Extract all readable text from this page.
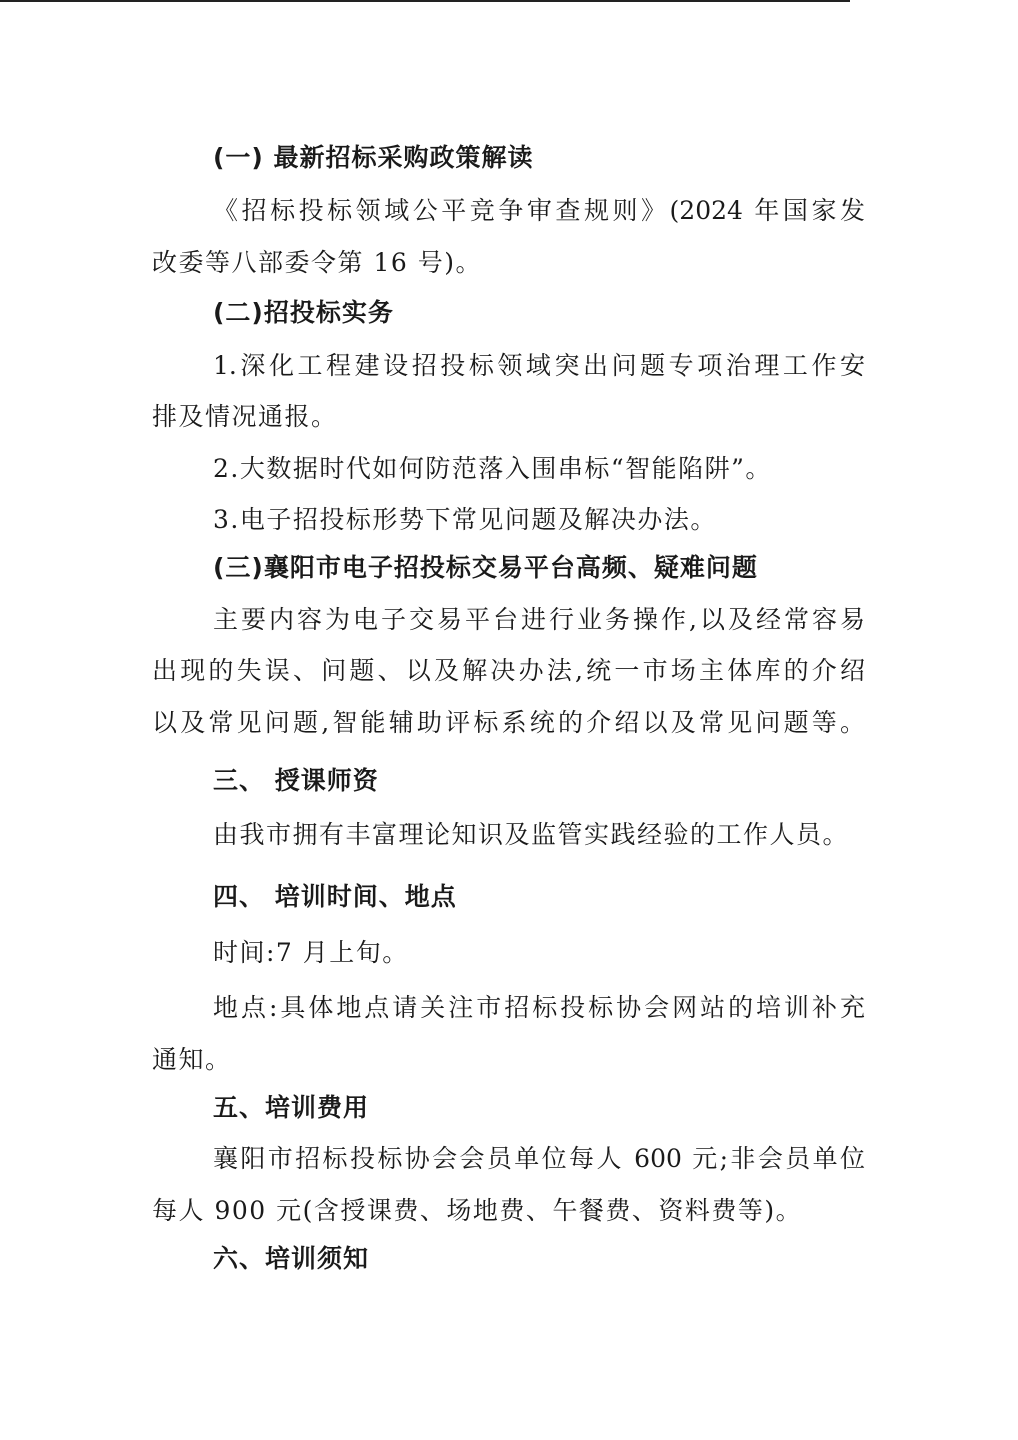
(一) 最新招标采购政策解读
《招标投标领域公平竞争审查规则》(2024 年国家发
改委等八部委令第 16 号)。
(二)招投标实务
1.深化工程建设招投标领域突出问题专项治理工作安
排及情况通报。
2.大数据时代如何防范落入围串标“智能陷阱”。
3.电子招投标形势下常见问题及解决办法。
(三)襄阳市电子招投标交易平台高频、疑难问题
主要内容为电子交易平台进行业务操作,以及经常容易
出现的失误、问题、以及解决办法,统一市场主体库的介绍
以及常见问题,智能辅助评标系统的介绍以及常见问题等。
三、 授课师资
由我市拥有丰富理论知识及监管实践经验的工作人员。
四、 培训时间、地点
时间:7 月上旬。
地点:具体地点请关注市招标投标协会网站的培训补充
通知。
五、培训费用
襄阳市招标投标协会会员单位每人 600 元;非会员单位
每人 900 元(含授课费、场地费、午餐费、资料费等)。
六、培训须知
